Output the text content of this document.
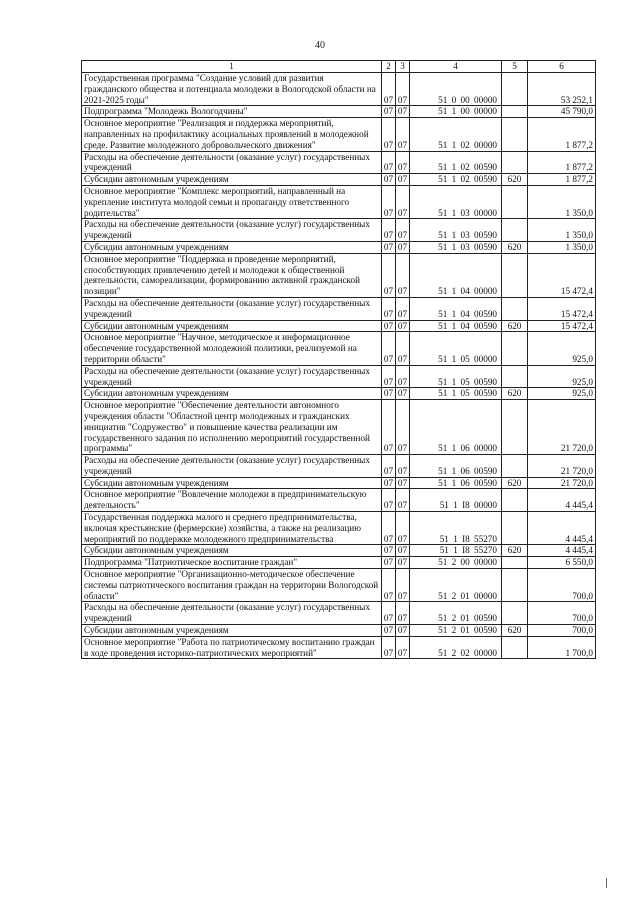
40
1	2	3	4	5	6
Государственная программа "Создание условий для развития гражданского общества и потенциала молодежи в Вологодской области на 2021-2025 годы"	07	07	51 0 00 00000		53 252,1
Подпрограмма "Молодежь Вологодчины"	07	07	51 1 00 00000		45 790,0
Основное мероприятие "Реализация и поддержка мероприятий, направленных на профилактику асоциальных проявлений в молодежной среде. Развитие молодежного добровольческого движения"	07	07	51 1 02 00000		1 877,2
Расходы на обеспечение деятельности (оказание услуг) государственных учреждений	07	07	51 1 02 00590		1 877,2
Субсидии автономным учреждениям	07	07	51 1 02 00590	620	1 877,2
Основное мероприятие "Комплекс мероприятий, направленный на укрепление института молодой семьи и пропаганду ответственного родительства"	07	07	51 1 03 00000		1 350,0
Расходы на обеспечение деятельности (оказание услуг) государственных учреждений	07	07	51 1 03 00590		1 350,0
Субсидии автономным учреждениям	07	07	51 1 03 00590	620	1 350,0
Основное мероприятие "Поддержка и проведение мероприятий, способствующих привлечению детей и молодежи к общественной деятельности, самореализации, формированию активной гражданской позиции"	07	07	51 1 04 00000		15 472,4
Расходы на обеспечение деятельности (оказание услуг) государственных учреждений	07	07	51 1 04 00590		15 472,4
Субсидии автономным учреждениям	07	07	51 1 04 00590	620	15 472,4
Основное мероприятие "Научное, методическое и информационное обеспечение государственной молодежной политики, реализуемой на территории области"	07	07	51 1 05 00000		925,0
Расходы на обеспечение деятельности (оказание услуг) государственных учреждений	07	07	51 1 05 00590		925,0
Субсидии автономным учреждениям	07	07	51 1 05 00590	620	925,0
Основное мероприятие "Обеспечение деятельности автономного учреждения области "Областной центр молодежных и гражданских инициатив "Содружество" и повышение качества реализации им государственного задания по исполнению мероприятий государственной программы"	07	07	51 1 06 00000		21 720,0
Расходы на обеспечение деятельности (оказание услуг) государственных учреждений	07	07	51 1 06 00590		21 720,0
Субсидии автономным учреждениям	07	07	51 1 06 00590	620	21 720,0
Основное мероприятие "Вовлечение молодежи в предпринимательскую деятельность"	07	07	51 1 I8 00000		4 445,4
Государственная поддержка малого и среднего предпринимательства, включая крестьянские (фермерские) хозяйства, а также на реализацию мероприятий по поддержке молодежного предпринимательства	07	07	51 1 I8 55270		4 445,4
Субсидии автономным учреждениям	07	07	51 1 I8 55270	620	4 445,4
Подпрограмма "Патриотическое воспитание граждан"	07	07	51 2 00 00000		6 550,0
Основное мероприятие "Организационно-методическое обеспечение системы патриотического воспитания граждан на территории Вологодской области"	07	07	51 2 01 00000		700,0
Расходы на обеспечение деятельности (оказание услуг) государственных учреждений	07	07	51 2 01 00590		700,0
Субсидии автономным учреждениям	07	07	51 2 01 00590	620	700,0
Основное мероприятие "Работа по патриотическому воспитанию граждан в ходе проведения историко-патриотических мероприятий"	07	07	51 2 02 00000		1 700,0
